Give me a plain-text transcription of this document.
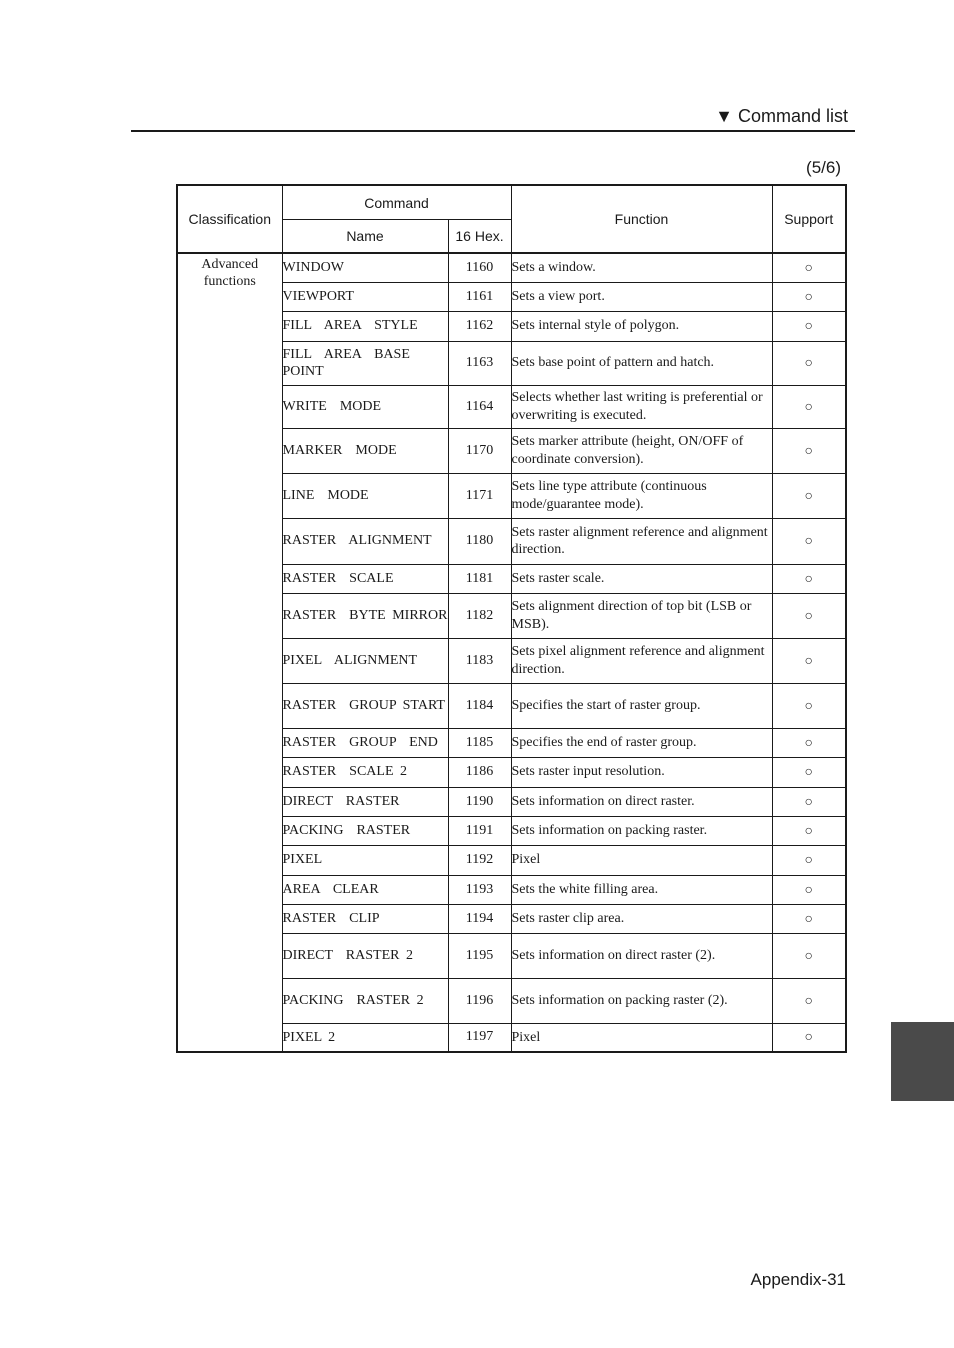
▼ Command list
(5/6)
Classification	Command		Function	Support
	Name	16 Hex.		
Advanced functions	WINDOW	1160	Sets a window.	○
	VIEWPORT	1161	Sets a view port.	○
	FILL  AREA  STYLE	1162	Sets internal style of polygon.	○
	FILL  AREA  BASE POINT	1163	Sets base point of pattern and hatch.	○
	WRITE  MODE	1164	Selects whether last writing is preferential or overwriting is executed.	○
	MARKER  MODE	1170	Sets marker attribute (height, ON/OFF of coordinate conversion).	○
	LINE  MODE	1171	Sets line type attribute (continuous mode/guarantee mode).	○
	RASTER  ALIGNMENT	1180	Sets raster alignment reference and alignment direction.	○
	RASTER  SCALE	1181	Sets raster scale.	○
	RASTER  BYTE MIRROR	1182	Sets alignment direction of top bit (LSB or MSB).	○
	PIXEL  ALIGNMENT	1183	Sets pixel alignment reference and alignment direction.	○
	RASTER  GROUP START	1184	Specifies the start of raster group.	○
	RASTER  GROUP  END	1185	Specifies the end of raster group.	○
	RASTER  SCALE 2	1186	Sets raster input resolution.	○
	DIRECT  RASTER	1190	Sets information on direct raster.	○
	PACKING  RASTER	1191	Sets information on packing raster.	○
	PIXEL	1192	Pixel	○
	AREA  CLEAR	1193	Sets the white filling area.	○
	RASTER  CLIP	1194	Sets raster clip area.	○
	DIRECT  RASTER 2	1195	Sets information on direct raster (2).	○
	PACKING  RASTER 2	1196	Sets information on packing raster (2).	○
	PIXEL 2	1197	Pixel	○
Appendix-31
